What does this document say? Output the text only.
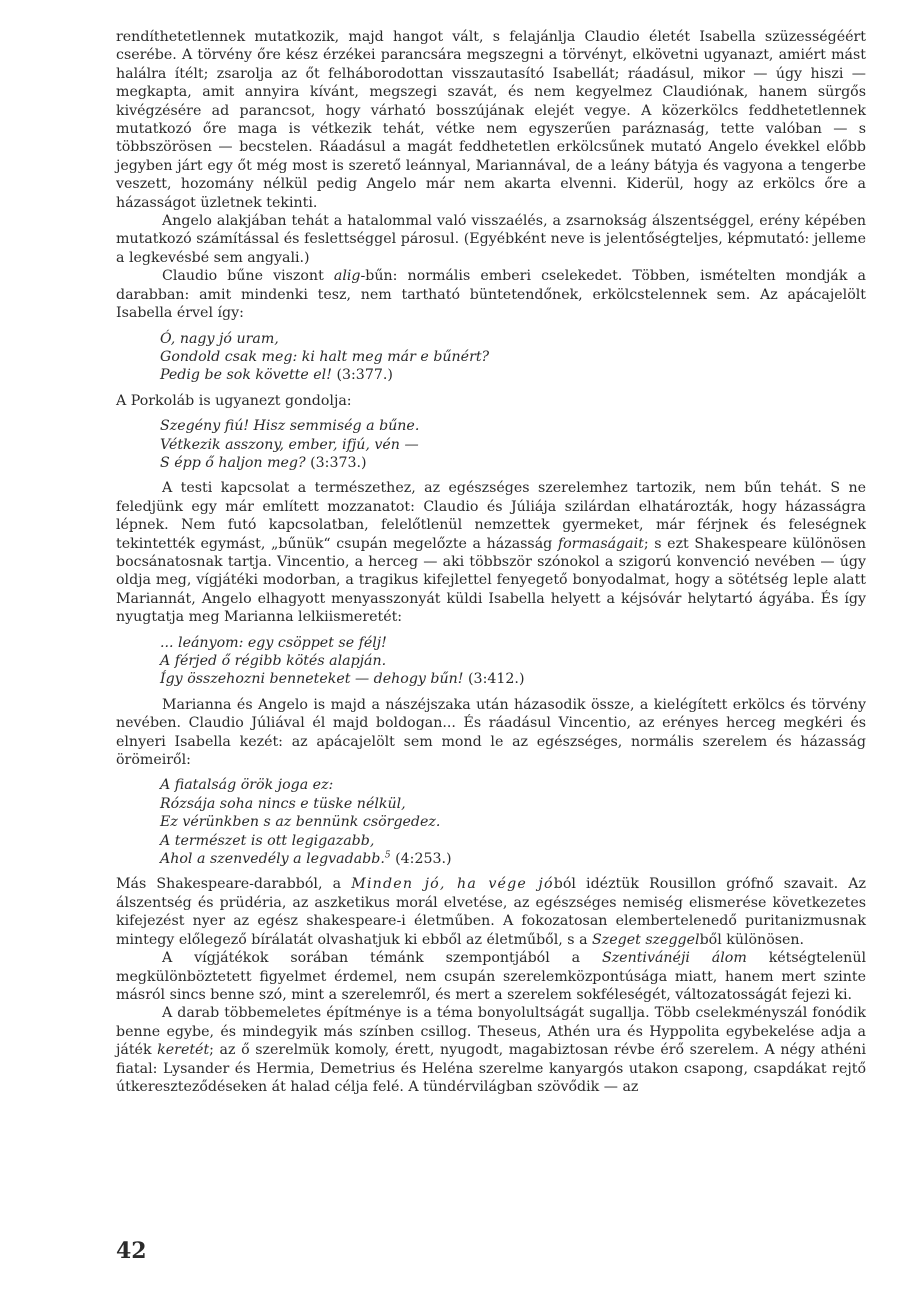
rendíthetetlennek mutatkozik, majd hangot vált, s felajánlja Claudio életét Isabella szüzességéért cserébe. A törvény őre kész érzékei parancsára megszegni a törvényt, elkövetni ugyanazt, amiért mást halálra ítélt; zsarolja az őt felháborodottan visszautasító Isabellát; ráadásul, mikor — úgy hiszi — megkapta, amit annyira kívánt, megszegi szavát, és nem kegyelmez Claudiónak, hanem sürgős kivégzésére ad parancsot, hogy várható bosszújának elejét vegye. A közerkölcs feddhetetlennek mutatkozó őre maga is vétkezik tehát, vétke nem egyszerűen paráznaság, tette valóban — s többszörösen — becstelen. Ráadásul a magát feddhetetlen erkölcsűnek mutató Angelo évekkel előbb jegyben járt egy őt még most is szerető leánnyal, Mariannával, de a leány bátyja és vagyona a tengerbe veszett, hozomány nélkül pedig Angelo már nem akarta elvenni. Kiderül, hogy az erkölcs őre a házasságot üzletnek tekinti.

Angelo alakjában tehát a hatalommal való visszaélés, a zsarnokság álszentséggel, erény képében mutatkozó számítással és feslettséggel párosul. (Egyébként neve is jelentőségteljes, képmutató: jelleme a legkevésbé sem angyali.)

Claudio bűne viszont alig-bűn: normális emberi cselekedet. Többen, ismételten mondják a darabban: amit mindenki tesz, nem tartható büntetendőnek, erkölcstelennek sem. Az apácajelölt Isabella érvel így:

Ó, nagy jó uram,
Gondold csak meg: ki halt meg már e bűnért?
Pedig be sok követte el! (3:377.)

A Porkoláb is ugyanezt gondolja:

Szegény fiú! Hisz semmiség a bűne.
Vétkezik asszony, ember, ifjú, vén —
S épp ő haljon meg? (3:373.)

A testi kapcsolat a természethez, az egészséges szerelemhez tartozik, nem bűn tehát. S ne feledjünk egy már említett mozzanatot: Claudio és Júliája szilárdan elhatározták, hogy házasságra lépnek. Nem futó kapcsolatban, felelőtlenül nemzettek gyermeket, már férjnek és feleségnek tekintették egymást, „bűnük“ csupán megelőzte a házasság formaságait; s ezt Shakespeare különösen bocsánatosnak tartja. Vincentio, a herceg — aki többször szónokol a szigorú konvenció nevében — úgy oldja meg, vígjátéki modorban, a tragikus kifejlettel fenyegető bonyodalmat, hogy a sötétség leple alatt Mariannát, Angelo elhagyott menyasszonyát küldi Isabella helyett a kéjsóvár helytartó ágyába. És így nyugtatja meg Marianna lelkiismeretét:

... leányom: egy csöppet se félj!
A férjed ő régibb kötés alapján.
Így összehozni benneteket — dehogy bűn! (3:412.)

Marianna és Angelo is majd a nászéjszaka után házasodik össze, a kielégített erkölcs és törvény nevében. Claudio Júliával él majd boldogan... És ráadásul Vincentio, az erényes herceg megkéri és elnyeri Isabella kezét: az apácajelölt sem mond le az egészséges, normális szerelem és házasság örömeiről:

A fiatalság örök joga ez:
Rózsája soha nincs e tüske nélkül,
Ez vérünkben s az bennünk csörgedez.
A természet is ott legigazabb,
Ahol a szenvedély a legvadabb.$^5$ (4:253.)

Más Shakespeare-darabból, a Minden jó, ha vége jóból idéztük Rousillon grófnő szavait. Az álszentség és prüdéria, az aszketikus morál elvetése, az egészséges nemiség elismerése következetes kifejezést nyer az egész shakespeare-i életműben. A fokozatosan elembertelenedő puritanizmusnak mintegy előlegező bírálatát olvashatjuk ki ebből az életműből, s a Szeget szeggelből különösen.

A vígjátékok sorában témánk szempontjából a Szentivánéji álom kétségtelenül megkülönböztetett figyelmet érdemel, nem csupán szerelemközpontúsága miatt, hanem mert szinte másról sincs benne szó, mint a szerelemről, és mert a szerelem sokféleségét, változatosságát fejezi ki.

A darab többemeletes építménye is a téma bonyolultságát sugallja. Több cselekményszál fonódik benne egybe, és mindegyik más színben csillog. Theseus, Athén ura és Hyppolita egybekelése adja a játék keretét; az ő szerelmük komoly, érett, nyugodt, magabiztosan révbe érő szerelem. A négy athéni fiatal: Lysander és Hermia, Demetrius és Heléna szerelme kanyargós utakon csapong, csapdákat rejtő útkereszteződéseken át halad célja felé. A tündérvilágban szövődik — az

42
